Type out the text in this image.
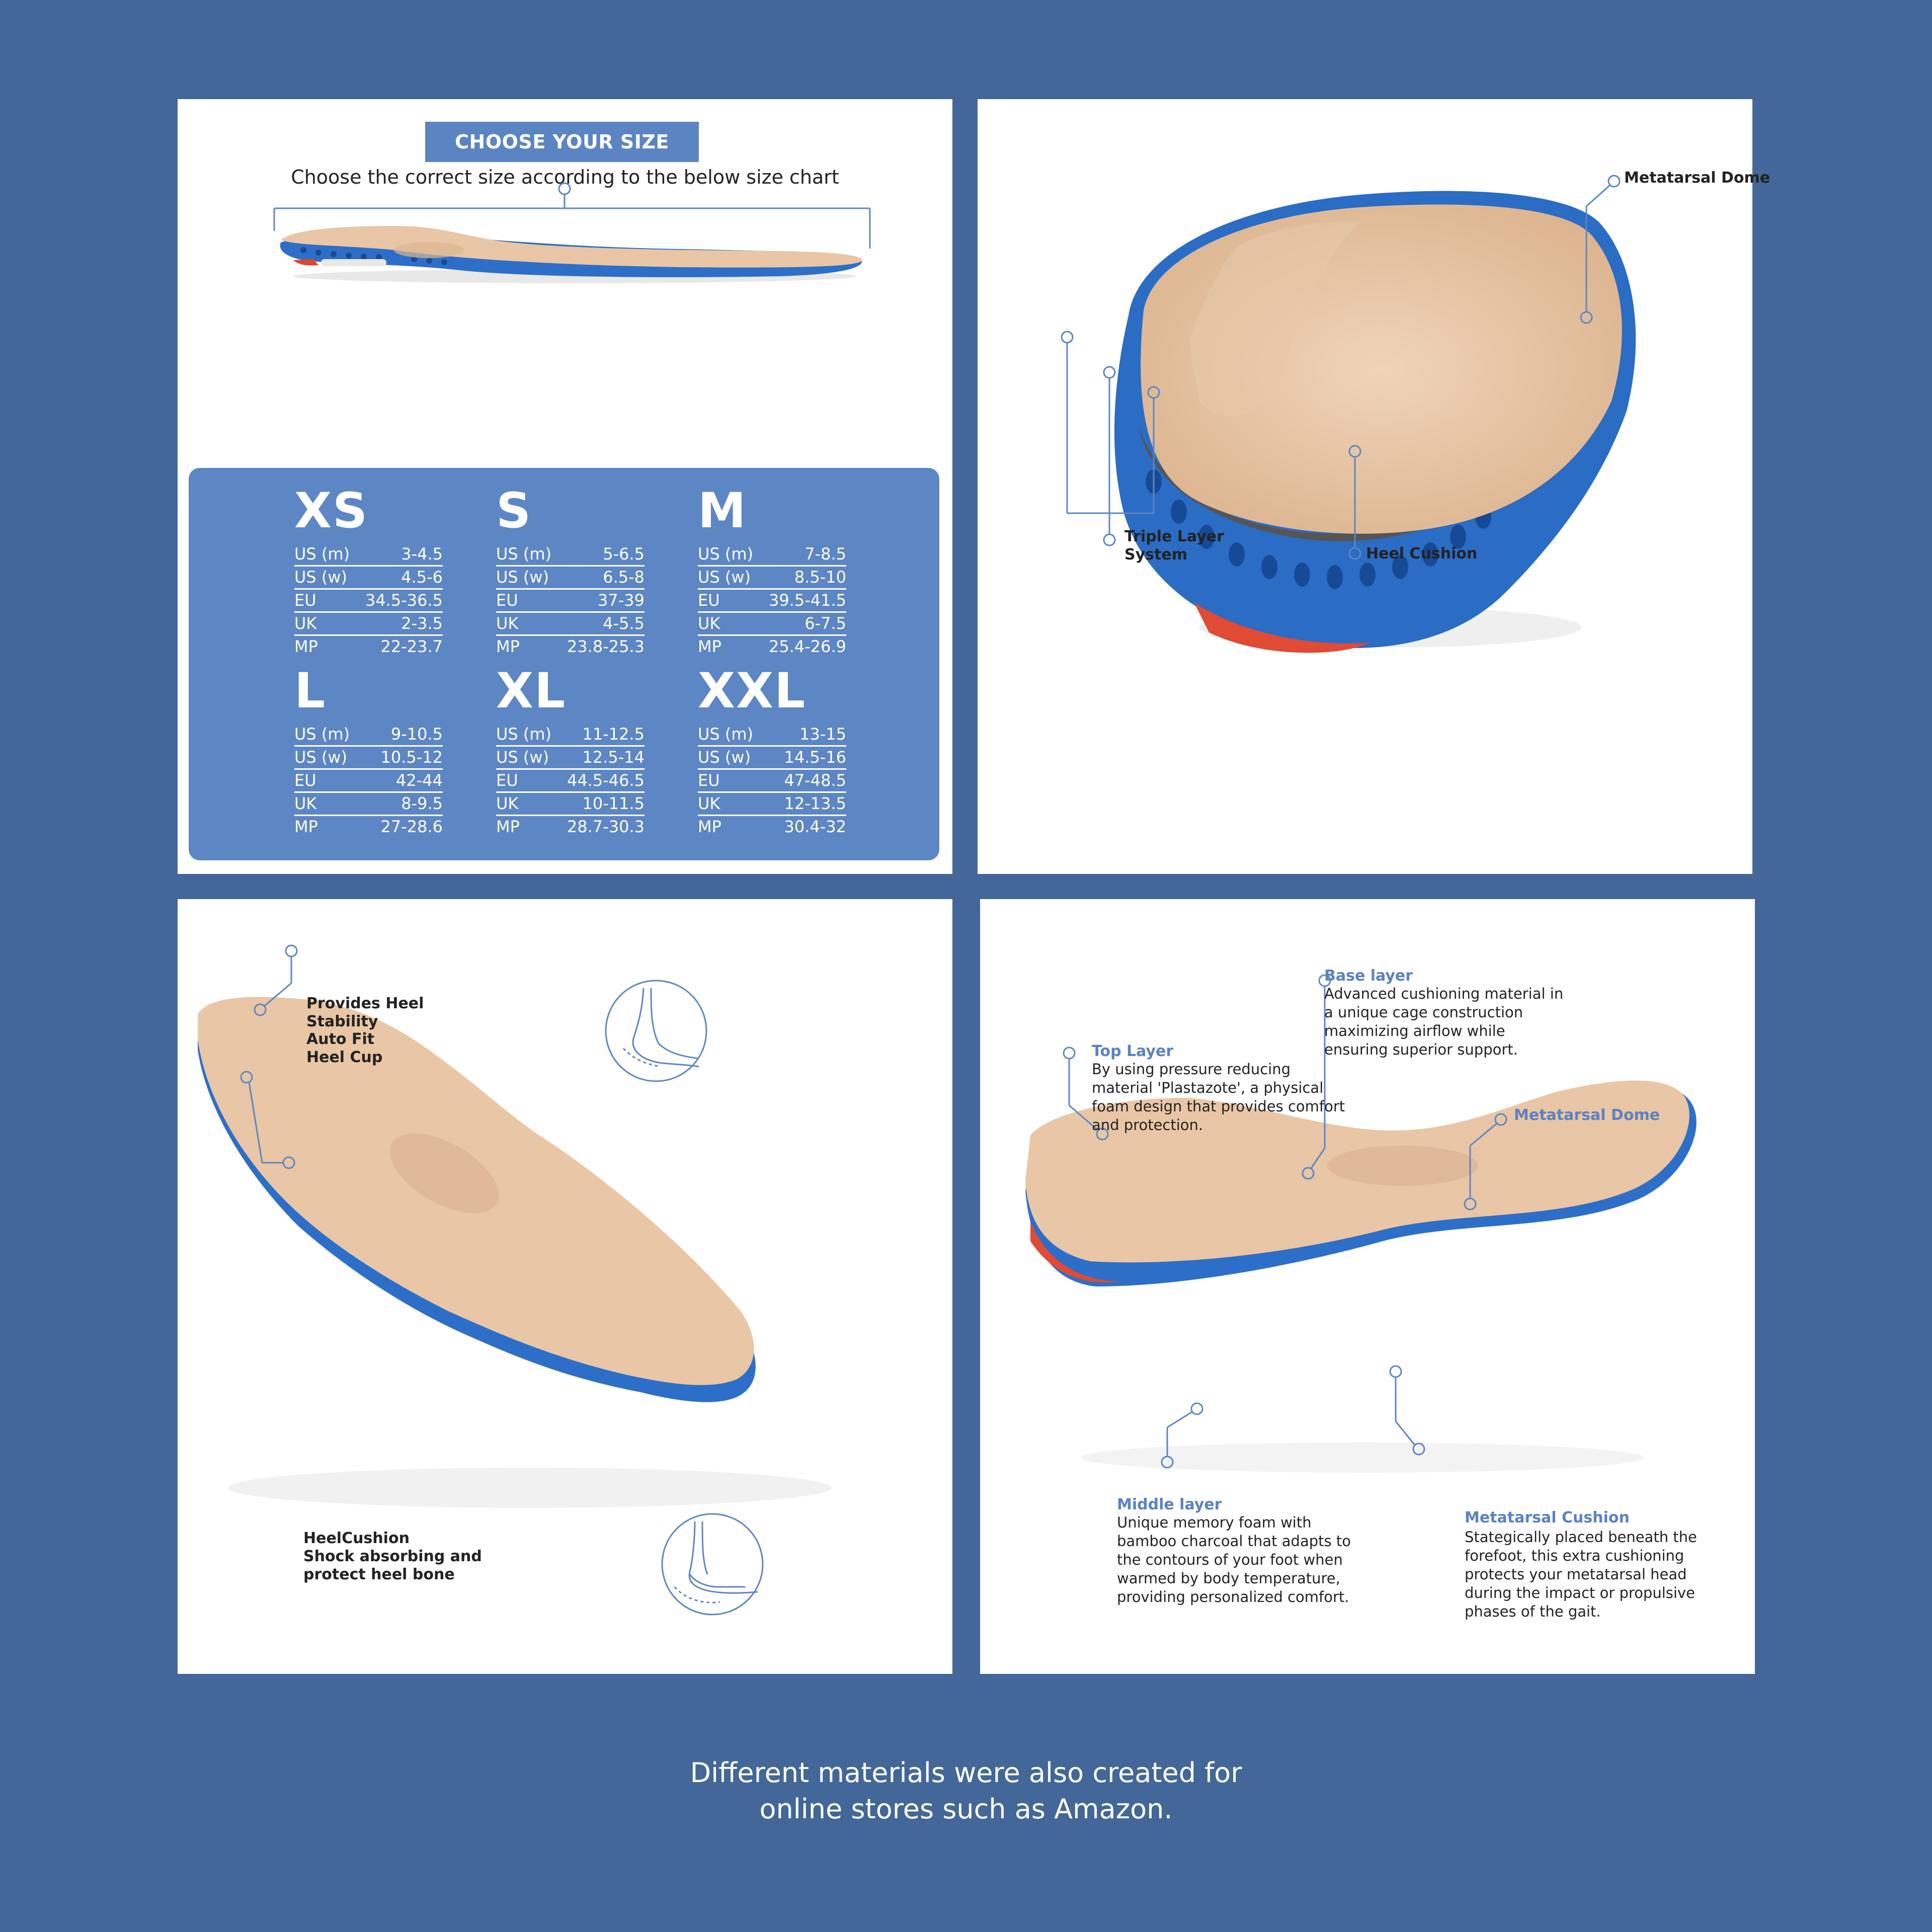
CHOOSE YOUR SIZE
Choose the correct size according to the below size chart
XS
US (m)	3-4.5
US (w)	4.5-6
EU	34.5-36.5
UK	2-3.5
MP	22-23.7
S
US (m)	5-6.5
US (w)	6.5-8
EU	37-39
UK	4-5.5
MP	23.8-25.3
M
US (m)	7-8.5
US (w)	8.5-10
EU	39.5-41.5
UK	6-7.5
MP	25.4-26.9
L
US (m)	9-10.5
US (w) 10.5-12
EU	42-44
UK	8-9.5
MP	27-28.6
XL
US (m) 11-12.5
US (w) 12.5-14
EU	44.5-46.5
UK	10-11.5
MP	28.7-30.3
XXL
US (m)	13-15
US (w) 14.5-16
EU	47-48.5
UK	12-13.5
MP	30.4-32
Metatarsal Dome
Triple Layer
System	Heel Cushion
Provides Heel
Stability
Auto Fit
Heel Cup
HeelCushion
Shock absorbing and
protect heel bone
Base layer
Advanced cushioning material in
a unique cage construction
maximizing airflow while
ensuring superior support.
Top Layer
By using pressure reducing
material 'Plastazote', a physical
foam design that provides comfort
and protection.
Metatarsal Dome
Middle layer
Unique memory foam with
bamboo charcoal that adapts to
the contours of your foot when
warmed by body temperature,
providing personalized comfort.
Metatarsal Cushion
Stategically placed beneath the
forefoot, this extra cushioning
protects your metatarsal head
during the impact or propulsive
phases of the gait.
Different materials were also created for
online stores such as Amazon.
